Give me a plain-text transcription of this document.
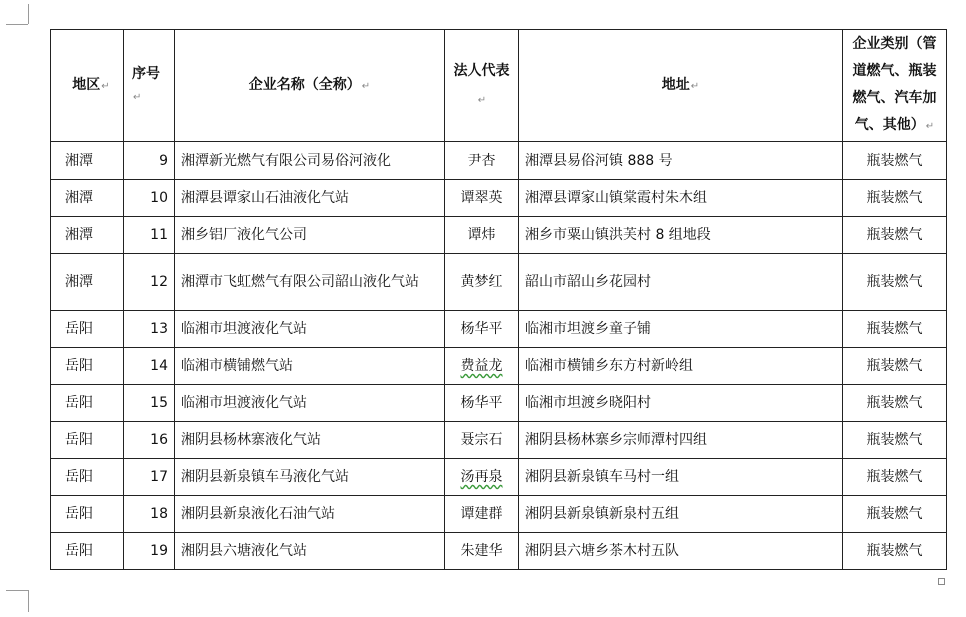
地区↵	序号↵	企业名称（全称）↵	法人代表↵	地址↵	企业类别（管道燃气、瓶装燃气、汽车加气、其他）↵
湘潭	9	湘潭新光燃气有限公司易俗河液化	尹杏	湘潭县易俗河镇 888 号	瓶装燃气
湘潭	10	湘潭县谭家山石油液化气站	谭翠英	湘潭县谭家山镇棠霞村朱木组	瓶装燃气
湘潭	11	湘乡铝厂液化气公司	谭炜	湘乡市粟山镇洪芙村 8 组地段	瓶装燃气
湘潭	12	湘潭市飞虹燃气有限公司韶山液化气站	黄梦红	韶山市韶山乡花园村	瓶装燃气
岳阳	13	临湘市坦渡液化气站	杨华平	临湘市坦渡乡童子铺	瓶装燃气
岳阳	14	临湘市横铺燃气站	费益龙	临湘市横铺乡东方村新岭组	瓶装燃气
岳阳	15	临湘市坦渡液化气站	杨华平	临湘市坦渡乡晓阳村	瓶装燃气
岳阳	16	湘阴县杨林寨液化气站	聂宗石	湘阴县杨林寨乡宗师潭村四组	瓶装燃气
岳阳	17	湘阴县新泉镇车马液化气站	汤再泉	湘阴县新泉镇车马村一组	瓶装燃气
岳阳	18	湘阴县新泉液化石油气站	谭建群	湘阴县新泉镇新泉村五组	瓶装燃气
岳阳	19	湘阴县六塘液化气站	朱建华	湘阴县六塘乡茶木村五队	瓶装燃气
